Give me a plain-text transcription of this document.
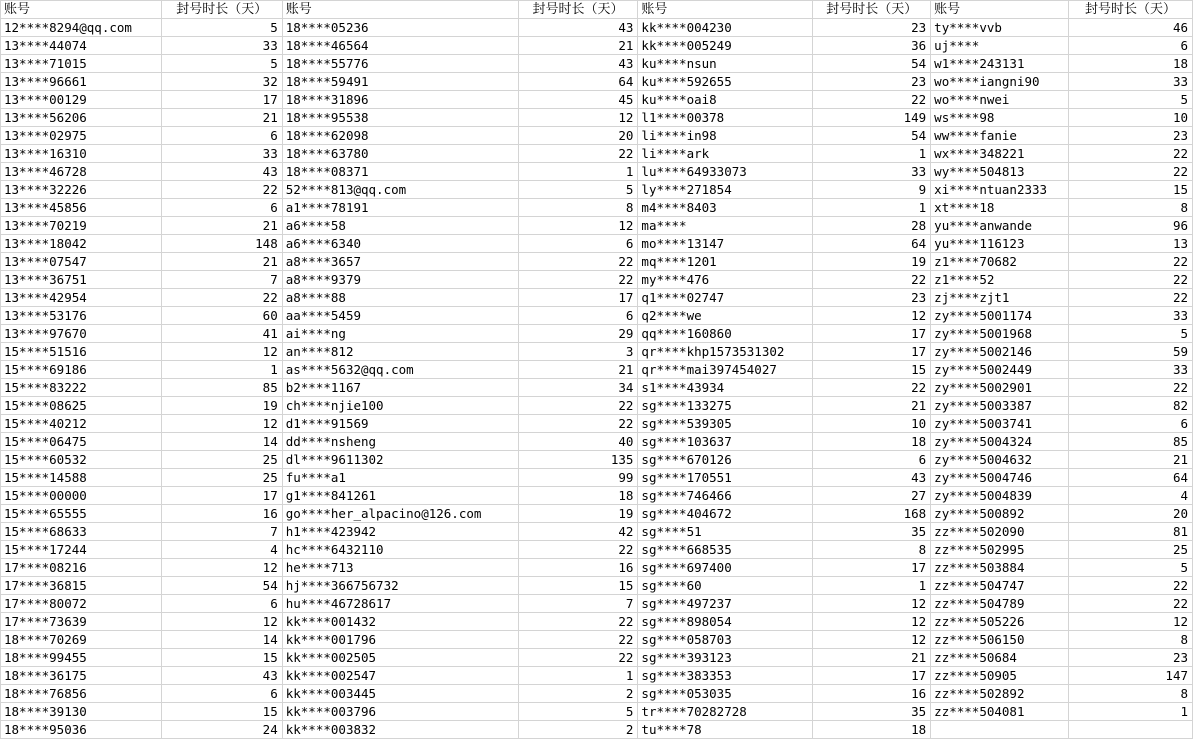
账号	封号时长（天）	账号	封号时长（天）	账号	封号时长（天）	账号	封号时长（天）
12****8294@qq.com	5	18****05236	43	kk****004230	23	ty****vvb	46
13****44074	33	18****46564	21	kk****005249	36	uj****	6
13****71015	5	18****55776	43	ku****nsun	54	w1****243131	18
13****96661	32	18****59491	64	ku****592655	23	wo****iangni90	33
13****00129	17	18****31896	45	ku****oai8	22	wo****nwei	5
13****56206	21	18****95538	12	l1****00378	149	ws****98	10
13****02975	6	18****62098	20	li****in98	54	ww****fanie	23
13****16310	33	18****63780	22	li****ark	1	wx****348221	22
13****46728	43	18****08371	1	lu****64933073	33	wy****504813	22
13****32226	22	52****813@qq.com	5	ly****271854	9	xi****ntuan2333	15
13****45856	6	a1****78191	8	m4****8403	1	xt****18	8
13****70219	21	a6****58	12	ma****	28	yu****anwande	96
13****18042	148	a6****6340	6	mo****13147	64	yu****116123	13
13****07547	21	a8****3657	22	mq****1201	19	z1****70682	22
13****36751	7	a8****9379	22	my****476	22	z1****52	22
13****42954	22	a8****88	17	q1****02747	23	zj****zjt1	22
13****53176	60	aa****5459	6	q2****we	12	zy****5001174	33
13****97670	41	ai****ng	29	qq****160860	17	zy****5001968	5
15****51516	12	an****812	3	qr****khp1573531302	17	zy****5002146	59
15****69186	1	as****5632@qq.com	21	qr****mai397454027	15	zy****5002449	33
15****83222	85	b2****1167	34	s1****43934	22	zy****5002901	22
15****08625	19	ch****njie100	22	sg****133275	21	zy****5003387	82
15****40212	12	d1****91569	22	sg****539305	10	zy****5003741	6
15****06475	14	dd****nsheng	40	sg****103637	18	zy****5004324	85
15****60532	25	dl****9611302	135	sg****670126	6	zy****5004632	21
15****14588	25	fu****a1	99	sg****170551	43	zy****5004746	64
15****00000	17	g1****841261	18	sg****746466	27	zy****5004839	4
15****65555	16	go****her_alpacino@126.com	19	sg****404672	168	zy****500892	20
15****68633	7	h1****423942	42	sg****51	35	zz****502090	81
15****17244	4	hc****6432110	22	sg****668535	8	zz****502995	25
17****08216	12	he****713	16	sg****697400	17	zz****503884	5
17****36815	54	hj****366756732	15	sg****60	1	zz****504747	22
17****80072	6	hu****46728617	7	sg****497237	12	zz****504789	22
17****73639	12	kk****001432	22	sg****898054	12	zz****505226	12
18****70269	14	kk****001796	22	sg****058703	12	zz****506150	8
18****99455	15	kk****002505	22	sg****393123	21	zz****50684	23
18****36175	43	kk****002547	1	sg****383353	17	zz****50905	147
18****76856	6	kk****003445	2	sg****053035	16	zz****502892	8
18****39130	15	kk****003796	5	tr****70282728	35	zz****504081	1
18****95036	24	kk****003832	2	tu****78	18		
